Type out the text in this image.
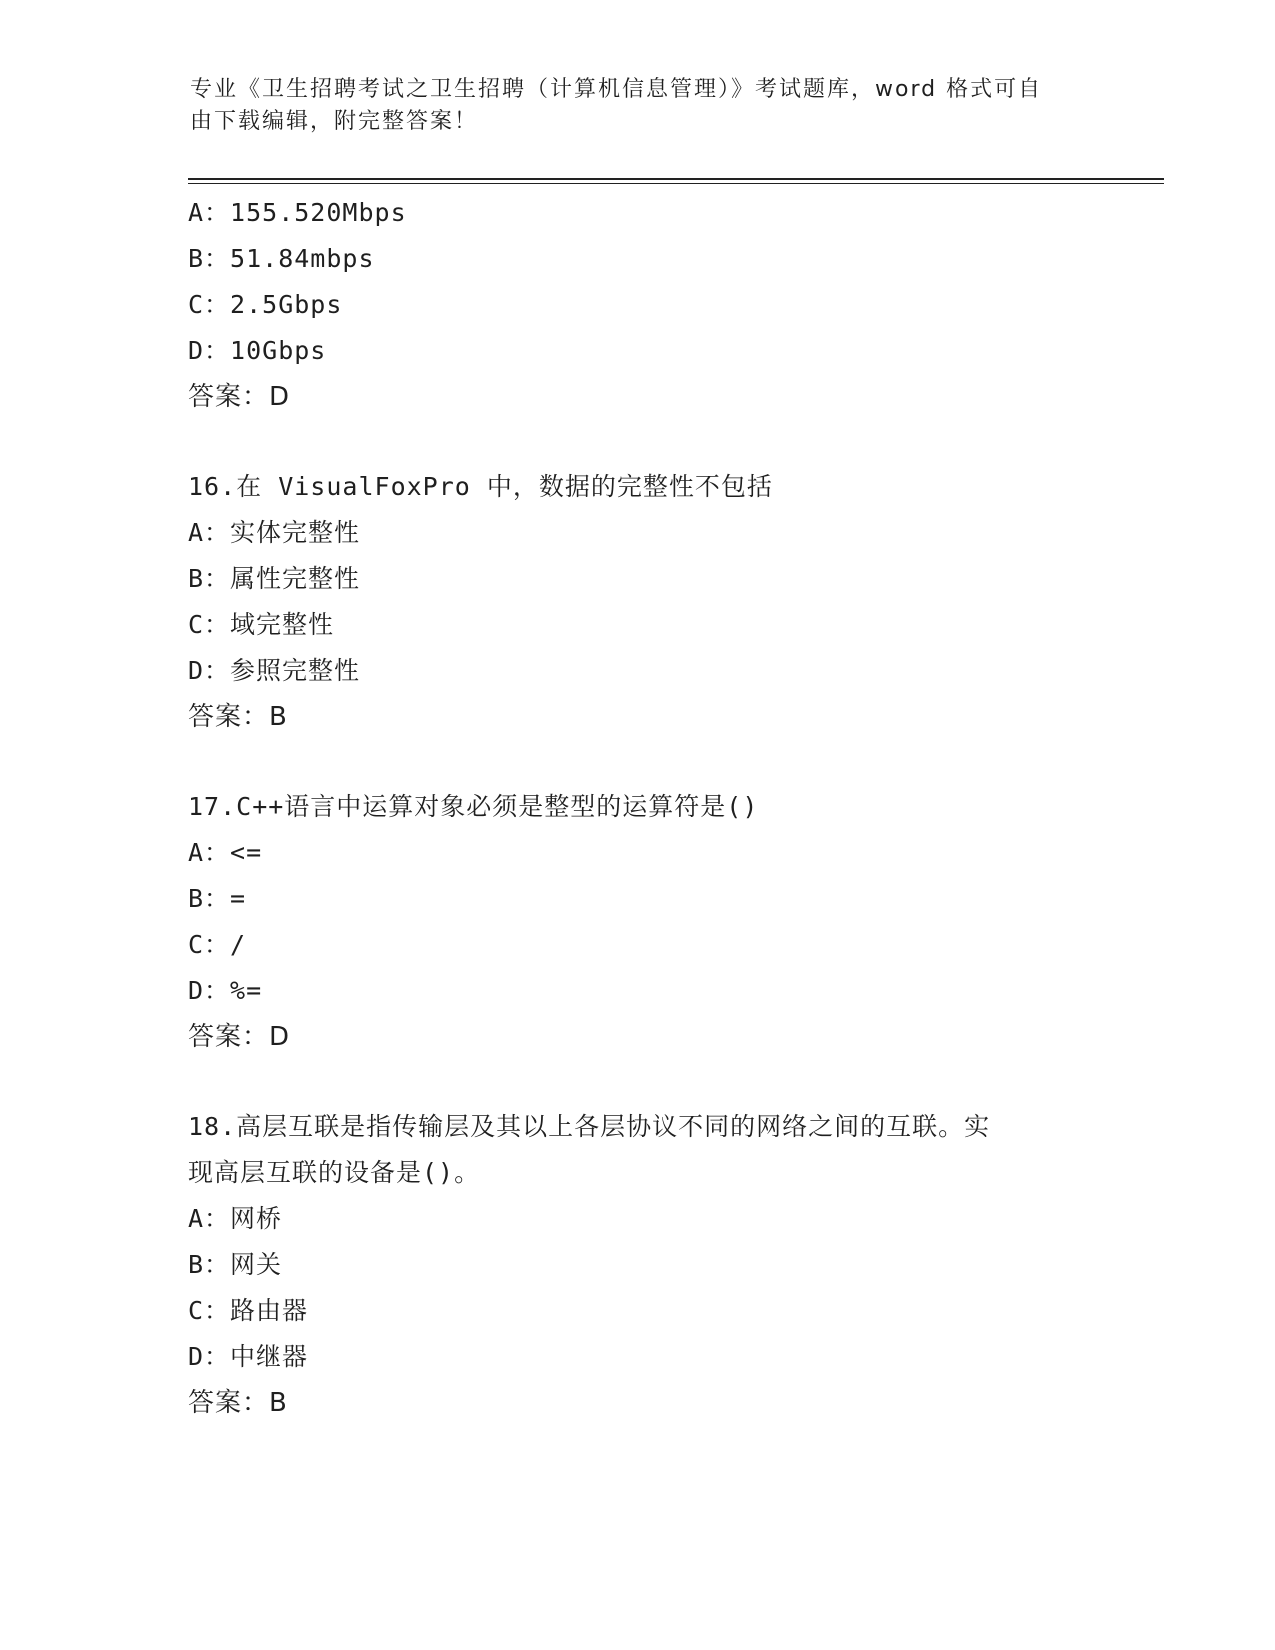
专业《卫生招聘考试之卫生招聘（计算机信息管理）》考试题库，word 格式可自
由下载编辑，附完整答案！
A：155.520Mbps
B：51.84mbps
C：2.5Gbps
D：10Gbps
答案：D
16.在 VisualFoxPro 中，数据的完整性不包括
A：实体完整性
B：属性完整性
C：域完整性
D：参照完整性
答案：B
17.C++语言中运算对象必须是整型的运算符是()
A：<=
B：=
C：/
D：%=
答案：D
18.高层互联是指传输层及其以上各层协议不同的网络之间的互联。实
现高层互联的设备是()。
A：网桥
B：网关
C：路由器
D：中继器
答案：B
